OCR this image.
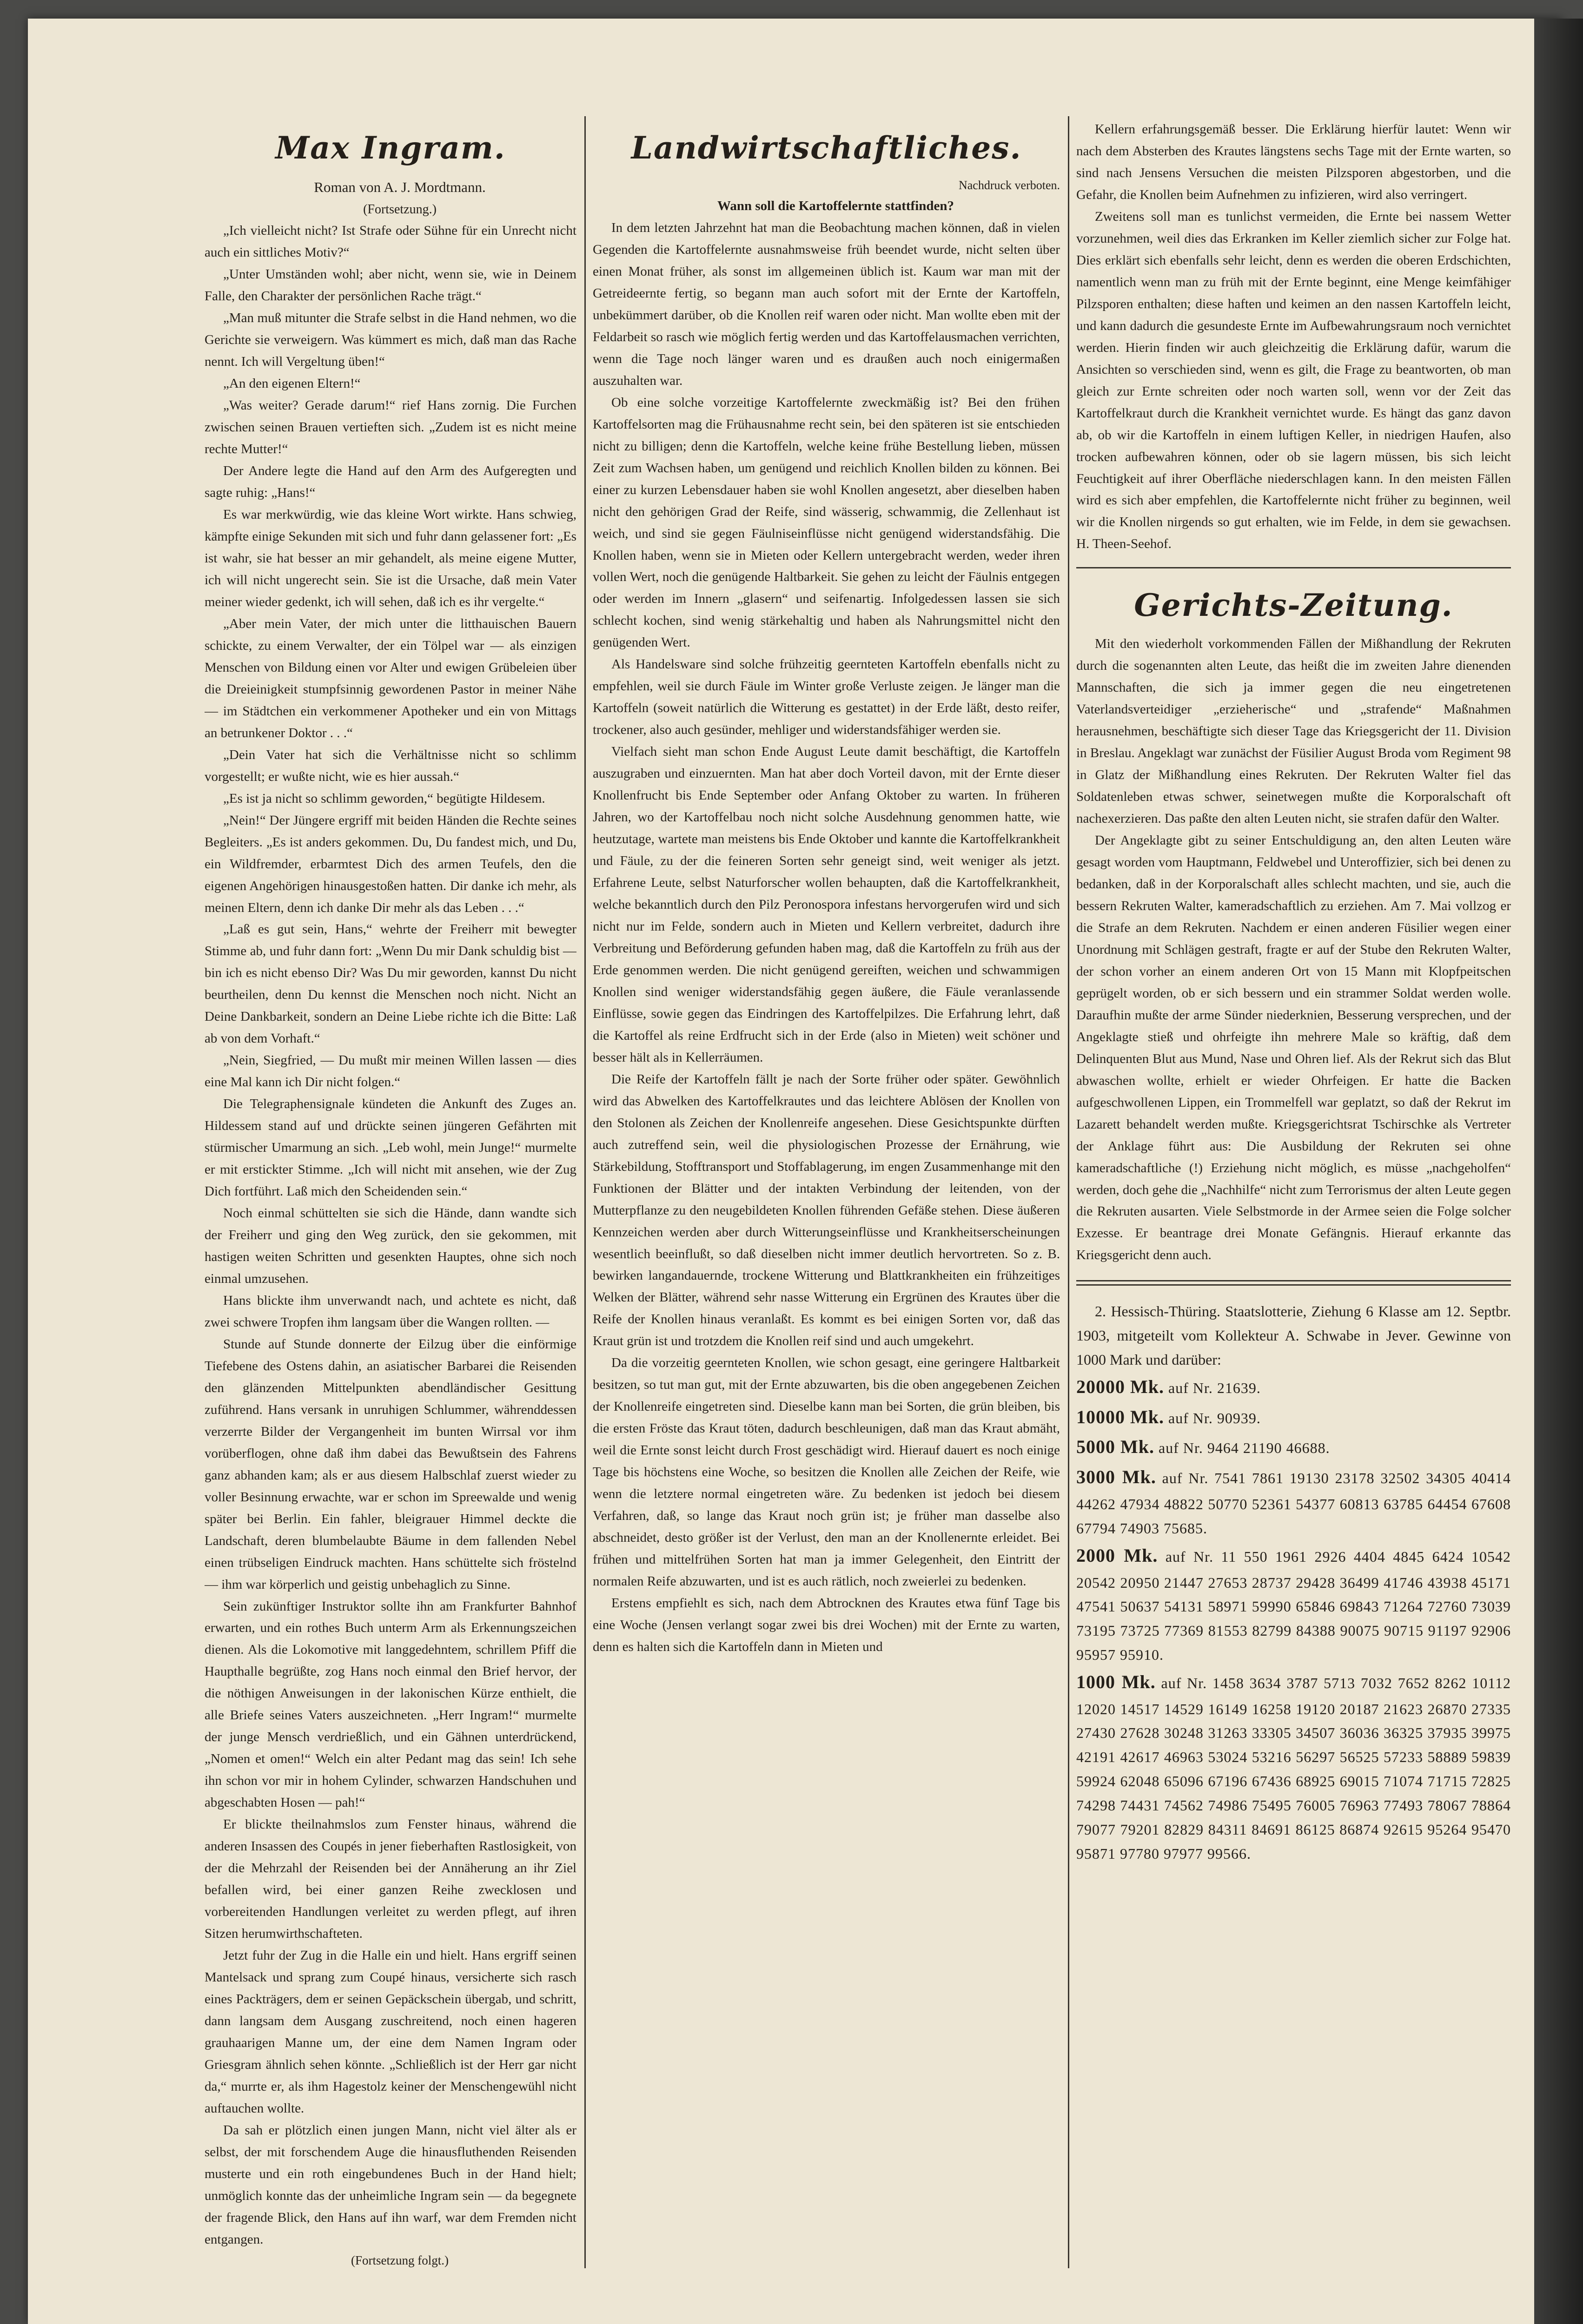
Max Ingram.

Roman von A. J. Mordtmann.

(Fortsetzung.)

„Ich vielleicht nicht? Ist Strafe oder Sühne für ein Unrecht nicht auch ein sittliches Motiv?“

„Unter Umständen wohl; aber nicht, wenn sie, wie in Deinem Falle, den Charakter der persönlichen Rache trägt.“

„Man muß mitunter die Strafe selbst in die Hand nehmen, wo die Gerichte sie verweigern. Was kümmert es mich, daß man das Rache nennt. Ich will Vergeltung üben!“

„An den eigenen Eltern!“

„Was weiter? Gerade darum!“ rief Hans zornig. Die Furchen zwischen seinen Brauen vertieften sich. „Zudem ist es nicht meine rechte Mutter!“

Der Andere legte die Hand auf den Arm des Aufgeregten und sagte ruhig: „Hans!“

Es war merkwürdig, wie das kleine Wort wirkte. Hans schwieg, kämpfte einige Sekunden mit sich und fuhr dann gelassener fort: „Es ist wahr, sie hat besser an mir gehandelt, als meine eigene Mutter, ich will nicht ungerecht sein. Sie ist die Ursache, daß mein Vater meiner wieder gedenkt, ich will sehen, daß ich es ihr vergelte.“

„Aber mein Vater, der mich unter die litthauischen Bauern schickte, zu einem Verwalter, der ein Tölpel war — als einzigen Menschen von Bildung einen vor Alter und ewigen Grübeleien über die Dreieinigkeit stumpfsinnig gewordenen Pastor in meiner Nähe — im Städtchen ein verkommener Apotheker und ein von Mittags an betrunkener Doktor . . .“

„Dein Vater hat sich die Verhältnisse nicht so schlimm vorgestellt; er wußte nicht, wie es hier aussah.“

„Es ist ja nicht so schlimm geworden,“ begütigte Hildesem.

„Nein!“ Der Jüngere ergriff mit beiden Händen die Rechte seines Begleiters. „Es ist anders gekommen. Du, Du fandest mich, und Du, ein Wildfremder, erbarmtest Dich des armen Teufels, den die eigenen Angehörigen hinausgestoßen hatten. Dir danke ich mehr, als meinen Eltern, denn ich danke Dir mehr als das Leben . . .“

„Laß es gut sein, Hans,“ wehrte der Freiherr mit bewegter Stimme ab, und fuhr dann fort: „Wenn Du mir Dank schuldig bist — bin ich es nicht ebenso Dir? Was Du mir geworden, kannst Du nicht beurtheilen, denn Du kennst die Menschen noch nicht. Nicht an Deine Dankbarkeit, sondern an Deine Liebe richte ich die Bitte: Laß ab von dem Vorhaft.“

„Nein, Siegfried, — Du mußt mir meinen Willen lassen — dies eine Mal kann ich Dir nicht folgen.“

Die Telegraphensignale kündeten die Ankunft des Zuges an. Hildessem stand auf und drückte seinen jüngeren Gefährten mit stürmischer Umarmung an sich. „Leb wohl, mein Junge!“ murmelte er mit erstickter Stimme. „Ich will nicht mit ansehen, wie der Zug Dich fortführt. Laß mich den Scheidenden sein.“

Noch einmal schüttelten sie sich die Hände, dann wandte sich der Freiherr und ging den Weg zurück, den sie gekommen, mit hastigen weiten Schritten und gesenkten Hauptes, ohne sich noch einmal umzusehen.

Hans blickte ihm unverwandt nach, und achtete es nicht, daß zwei schwere Tropfen ihm langsam über die Wangen rollten. —

Stunde auf Stunde donnerte der Eilzug über die einförmige Tiefebene des Ostens dahin, an asiatischer Barbarei die Reisenden den glänzenden Mittelpunkten abendländischer Gesittung zuführend. Hans versank in unruhigen Schlummer, währenddessen verzerrte Bilder der Vergangenheit im bunten Wirrsal vor ihm vorüberflogen, ohne daß ihm dabei das Bewußtsein des Fahrens ganz abhanden kam; als er aus diesem Halbschlaf zuerst wieder zu voller Besinnung erwachte, war er schon im Spreewalde und wenig später bei Berlin. Ein fahler, bleigrauer Himmel deckte die Landschaft, deren blumbelaubte Bäume in dem fallenden Nebel einen trübseligen Eindruck machten. Hans schüttelte sich fröstelnd — ihm war körperlich und geistig unbehaglich zu Sinne.

Sein zukünftiger Instruktor sollte ihn am Frankfurter Bahnhof erwarten, und ein rothes Buch unterm Arm als Erkennungszeichen dienen. Als die Lokomotive mit langgedehntem, schrillem Pfiff die Haupthalle begrüßte, zog Hans noch einmal den Brief hervor, der die nöthigen Anweisungen in der lakonischen Kürze enthielt, die alle Briefe seines Vaters auszeichneten. „Herr Ingram!“ murmelte der junge Mensch verdrießlich, und ein Gähnen unterdrückend, „Nomen et omen!“ Welch ein alter Pedant mag das sein! Ich sehe ihn schon vor mir in hohem Cylinder, schwarzen Handschuhen und abgeschabten Hosen — pah!“

Er blickte theilnahmslos zum Fenster hinaus, während die anderen Insassen des Coupés in jener fieberhaften Rastlosigkeit, von der die Mehrzahl der Reisenden bei der Annäherung an ihr Ziel befallen wird, bei einer ganzen Reihe zwecklosen und vorbereitenden Handlungen verleitet zu werden pflegt, auf ihren Sitzen herumwirthschafteten.

Jetzt fuhr der Zug in die Halle ein und hielt. Hans ergriff seinen Mantelsack und sprang zum Coupé hinaus, versicherte sich rasch eines Packträgers, dem er seinen Gepäckschein übergab, und schritt, dann langsam dem Ausgang zuschreitend, noch einen hageren grauhaarigen Manne um, der eine dem Namen Ingram oder Griesgram ähnlich sehen könnte. „Schließlich ist der Herr gar nicht da,“ murrte er, als ihm Hagestolz keiner der Menschengewühl nicht auftauchen wollte.

Da sah er plötzlich einen jungen Mann, nicht viel älter als er selbst, der mit forschendem Auge die hinausfluthenden Reisenden musterte und ein roth eingebundenes Buch in der Hand hielt; unmöglich konnte das der unheimliche Ingram sein — da begegnete der fragende Blick, den Hans auf ihn warf, war dem Fremden nicht entgangen.

(Fortsetzung folgt.)

Landwirtschaftliches.

Nachdruck verboten.

Wann soll die Kartoffelernte stattfinden?

In dem letzten Jahrzehnt hat man die Beobachtung machen können, daß in vielen Gegenden die Kartoffelernte ausnahmsweise früh beendet wurde, nicht selten über einen Monat früher, als sonst im allgemeinen üblich ist. Kaum war man mit der Getreideernte fertig, so begann man auch sofort mit der Ernte der Kartoffeln, unbekümmert darüber, ob die Knollen reif waren oder nicht. Man wollte eben mit der Feldarbeit so rasch wie möglich fertig werden und das Kartoffelausmachen verrichten, wenn die Tage noch länger waren und es draußen auch noch einigermaßen auszuhalten war.

Ob eine solche vorzeitige Kartoffelernte zweckmäßig ist? Bei den frühen Kartoffelsorten mag die Frühausnahme recht sein, bei den späteren ist sie entschieden nicht zu billigen; denn die Kartoffeln, welche keine frühe Bestellung lieben, müssen Zeit zum Wachsen haben, um genügend und reichlich Knollen bilden zu können. Bei einer zu kurzen Lebensdauer haben sie wohl Knollen angesetzt, aber dieselben haben nicht den gehörigen Grad der Reife, sind wässerig, schwammig, die Zellenhaut ist weich, und sind sie gegen Fäulniseinflüsse nicht genügend widerstandsfähig. Die Knollen haben, wenn sie in Mieten oder Kellern untergebracht werden, weder ihren vollen Wert, noch die genügende Haltbarkeit. Sie gehen zu leicht der Fäulnis entgegen oder werden im Innern „glasern“ und seifenartig. Infolgedessen lassen sie sich schlecht kochen, sind wenig stärkehaltig und haben als Nahrungsmittel nicht den genügenden Wert.

Als Handelsware sind solche frühzeitig geernteten Kartoffeln ebenfalls nicht zu empfehlen, weil sie durch Fäule im Winter große Verluste zeigen. Je länger man die Kartoffeln (soweit natürlich die Witterung es gestattet) in der Erde läßt, desto reifer, trockener, also auch gesünder, mehliger und widerstandsfähiger werden sie.

Vielfach sieht man schon Ende August Leute damit beschäftigt, die Kartoffeln auszugraben und einzuernten. Man hat aber doch Vorteil davon, mit der Ernte dieser Knollenfrucht bis Ende September oder Anfang Oktober zu warten. In früheren Jahren, wo der Kartoffelbau noch nicht solche Ausdehnung genommen hatte, wie heutzutage, wartete man meistens bis Ende Oktober und kannte die Kartoffelkrankheit und Fäule, zu der die feineren Sorten sehr geneigt sind, weit weniger als jetzt. Erfahrene Leute, selbst Naturforscher wollen behaupten, daß die Kartoffelkrankheit, welche bekanntlich durch den Pilz Peronospora infestans hervorgerufen wird und sich nicht nur im Felde, sondern auch in Mieten und Kellern verbreitet, dadurch ihre Verbreitung und Beförderung gefunden haben mag, daß die Kartoffeln zu früh aus der Erde genommen werden. Die nicht genügend gereiften, weichen und schwammigen Knollen sind weniger widerstandsfähig gegen äußere, die Fäule veranlassende Einflüsse, sowie gegen das Eindringen des Kartoffelpilzes. Die Erfahrung lehrt, daß die Kartoffel als reine Erdfrucht sich in der Erde (also in Mieten) weit schöner und besser hält als in Kellerräumen.

Die Reife der Kartoffeln fällt je nach der Sorte früher oder später. Gewöhnlich wird das Abwelken des Kartoffelkrautes und das leichtere Ablösen der Knollen von den Stolonen als Zeichen der Knollenreife angesehen. Diese Gesichtspunkte dürften auch zutreffend sein, weil die physiologischen Prozesse der Ernährung, wie Stärkebildung, Stofftransport und Stoffablagerung, im engen Zusammenhange mit den Funktionen der Blätter und der intakten Verbindung der leitenden, von der Mutterpflanze zu den neugebildeten Knollen führenden Gefäße stehen. Diese äußeren Kennzeichen werden aber durch Witterungseinflüsse und Krankheitserscheinungen wesentlich beeinflußt, so daß dieselben nicht immer deutlich hervortreten. So z. B. bewirken langandauernde, trockene Witterung und Blattkrankheiten ein frühzeitiges Welken der Blätter, während sehr nasse Witterung ein Ergrünen des Krautes über die Reife der Knollen hinaus veranlaßt. Es kommt es bei einigen Sorten vor, daß das Kraut grün ist und trotzdem die Knollen reif sind und auch umgekehrt.

Da die vorzeitig geernteten Knollen, wie schon gesagt, eine geringere Haltbarkeit besitzen, so tut man gut, mit der Ernte abzuwarten, bis die oben angegebenen Zeichen der Knollenreife eingetreten sind. Dieselbe kann man bei Sorten, die grün bleiben, bis die ersten Fröste das Kraut töten, dadurch beschleunigen, daß man das Kraut abmäht, weil die Ernte sonst leicht durch Frost geschädigt wird. Hierauf dauert es noch einige Tage bis höchstens eine Woche, so besitzen die Knollen alle Zeichen der Reife, wie wenn die letztere normal eingetreten wäre. Zu bedenken ist jedoch bei diesem Verfahren, daß, so lange das Kraut noch grün ist; je früher man dasselbe also abschneidet, desto größer ist der Verlust, den man an der Knollenernte erleidet. Bei frühen und mittelfrühen Sorten hat man ja immer Gelegenheit, den Eintritt der normalen Reife abzuwarten, und ist es auch rätlich, noch zweierlei zu bedenken.

Erstens empfiehlt es sich, nach dem Abtrocknen des Krautes etwa fünf Tage bis eine Woche (Jensen verlangt sogar zwei bis drei Wochen) mit der Ernte zu warten, denn es halten sich die Kartoffeln dann in Mieten und

Kellern erfahrungsgemäß besser. Die Erklärung hierfür lautet: Wenn wir nach dem Absterben des Krautes längstens sechs Tage mit der Ernte warten, so sind nach Jensens Versuchen die meisten Pilzsporen abgestorben, und die Gefahr, die Knollen beim Aufnehmen zu infizieren, wird also verringert.

Zweitens soll man es tunlichst vermeiden, die Ernte bei nassem Wetter vorzunehmen, weil dies das Erkranken im Keller ziemlich sicher zur Folge hat. Dies erklärt sich ebenfalls sehr leicht, denn es werden die oberen Erdschichten, namentlich wenn man zu früh mit der Ernte beginnt, eine Menge keimfähiger Pilzsporen enthalten; diese haften und keimen an den nassen Kartoffeln leicht, und kann dadurch die gesundeste Ernte im Aufbewahrungsraum noch vernichtet werden. Hierin finden wir auch gleichzeitig die Erklärung dafür, warum die Ansichten so verschieden sind, wenn es gilt, die Frage zu beantworten, ob man gleich zur Ernte schreiten oder noch warten soll, wenn vor der Zeit das Kartoffelkraut durch die Krankheit vernichtet wurde. Es hängt das ganz davon ab, ob wir die Kartoffeln in einem luftigen Keller, in niedrigen Haufen, also trocken aufbewahren können, oder ob sie lagern müssen, bis sich leicht Feuchtigkeit auf ihrer Oberfläche niederschlagen kann. In den meisten Fällen wird es sich aber empfehlen, die Kartoffelernte nicht früher zu beginnen, weil wir die Knollen nirgends so gut erhalten, wie im Felde, in dem sie gewachsen. H. Theen-Seehof.

Gerichts-Zeitung.

Mit den wiederholt vorkommenden Fällen der Mißhandlung der Rekruten durch die sogenannten alten Leute, das heißt die im zweiten Jahre dienenden Mannschaften, die sich ja immer gegen die neu eingetretenen Vaterlandsverteidiger „erzieherische“ und „strafende“ Maßnahmen herausnehmen, beschäftigte sich dieser Tage das Kriegsgericht der 11. Division in Breslau. Angeklagt war zunächst der Füsilier August Broda vom Regiment 98 in Glatz der Mißhandlung eines Rekruten. Der Rekruten Walter fiel das Soldatenleben etwas schwer, seinetwegen mußte die Korporalschaft oft nachexerzieren. Das paßte den alten Leuten nicht, sie strafen dafür den Walter.

Der Angeklagte gibt zu seiner Entschuldigung an, den alten Leuten wäre gesagt worden vom Hauptmann, Feldwebel und Unteroffizier, sich bei denen zu bedanken, daß in der Korporalschaft alles schlecht machten, und sie, auch die bessern Rekruten Walter, kameradschaftlich zu erziehen. Am 7. Mai vollzog er die Strafe an dem Rekruten. Nachdem er einen anderen Füsilier wegen einer Unordnung mit Schlägen gestraft, fragte er auf der Stube den Rekruten Walter, der schon vorher an einem anderen Ort von 15 Mann mit Klopfpeitschen geprügelt worden, ob er sich bessern und ein strammer Soldat werden wolle. Daraufhin mußte der arme Sünder niederknien, Besserung versprechen, und der Angeklagte stieß und ohrfeigte ihn mehrere Male so kräftig, daß dem Delinquenten Blut aus Mund, Nase und Ohren lief. Als der Rekrut sich das Blut abwaschen wollte, erhielt er wieder Ohrfeigen. Er hatte die Backen aufgeschwollenen Lippen, ein Trommelfell war geplatzt, so daß der Rekrut im Lazarett behandelt werden mußte. Kriegsgerichtsrat Tschirschke als Vertreter der Anklage führt aus: Die Ausbildung der Rekruten sei ohne kameradschaftliche (!) Erziehung nicht möglich, es müsse „nachgeholfen“ werden, doch gehe die „Nachhilfe“ nicht zum Terrorismus der alten Leute gegen die Rekruten ausarten. Viele Selbstmorde in der Armee seien die Folge solcher Exzesse. Er beantrage drei Monate Gefängnis. Hierauf erkannte das Kriegsgericht denn auch.

2. Hessisch-Thüring. Staatslotterie, Ziehung 6 Klasse am 12. Septbr. 1903, mitgeteilt vom Kollekteur A. Schwabe in Jever. Gewinne von 1000 Mark und darüber:

20000 Mk. auf Nr. 21639.
10000 Mk. auf Nr. 90939.
5000 Mk. auf Nr. 9464 21190 46688.
3000 Mk. auf Nr. 7541 7861 19130 23178 32502 34305 40414 44262 47934 48822 50770 52361 54377 60813 63785 64454 67608 67794 74903 75685.
2000 Mk. auf Nr. 11 550 1961 2926 4404 4845 6424 10542 20542 20950 21447 27653 28737 29428 36499 41746 43938 45171 47541 50637 54131 58971 59990 65846 69843 71264 72760 73039 73195 73725 77369 81553 82799 84388 90075 90715 91197 92906 95957 95910.
1000 Mk. auf Nr. 1458 3634 3787 5713 7032 7652 8262 10112 12020 14517 14529 16149 16258 19120 20187 21623 26870 27335 27430 27628 30248 31263 33305 34507 36036 36325 37935 39975 42191 42617 46963 53024 53216 56297 56525 57233 58889 59839 59924 62048 65096 67196 67436 68925 69015 71074 71715 72825 74298 74431 74562 74986 75495 76005 76963 77493 78067 78864 79077 79201 82829 84311 84691 86125 86874 92615 95264 95470 95871 97780 97977 99566.
